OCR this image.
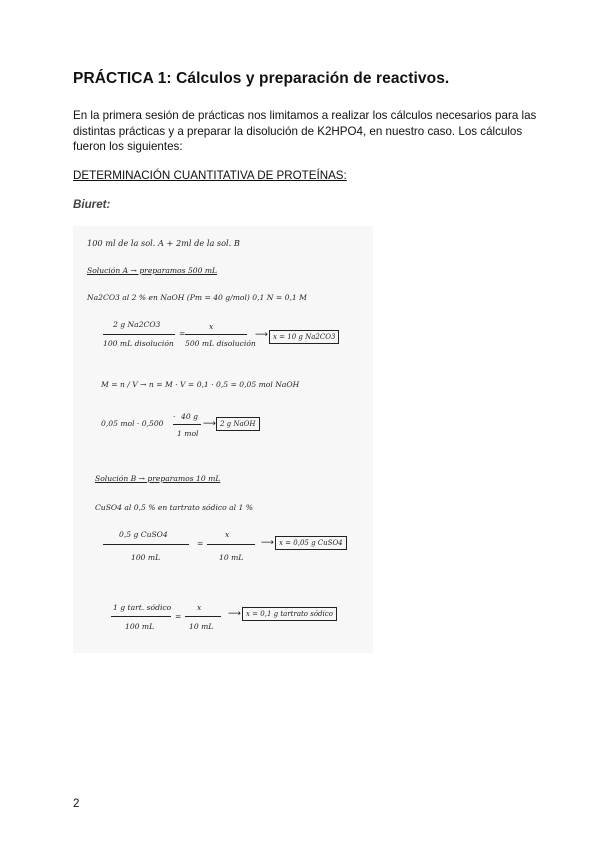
PRÁCTICA 1: Cálculos y preparación de reactivos.
En la primera sesión de prácticas nos limitamos a realizar los cálculos necesarios para las distintas prácticas y a preparar la disolución de K2HPO4, en nuestro caso. Los cálculos fueron los siguientes:
DETERMINACIÓN CUANTITATIVA DE PROTEÍNAS:
Biuret:
100 ml de la sol. A + 2ml de la sol. B
Solución A → preparamos 500 mL
Na2CO3 al 2 % en NaOH (Pm = 40 g/mol) 0,1 N = 0,1 M
2 g Na2CO3
100 mL disolución
=
x
500 mL disolución
⟶ x = 10 g Na2CO3
M = n / V → n = M · V = 0,1 · 0,5 = 0,05 mol NaOH
0,05 mol · 0,500
· 40 g
1 mol
⟶ 2 g NaOH
Solución B → preparamos 10 mL
CuSO4 al 0,5 % en tartrato sódico al 1 %
0,5 g CuSO4
100 mL
=
x
10 mL
⟶ x = 0,05 g CuSO4
1 g tart. sódico
100 mL
=
x
10 mL
⟶ x = 0,1 g tartrato sódico
2
